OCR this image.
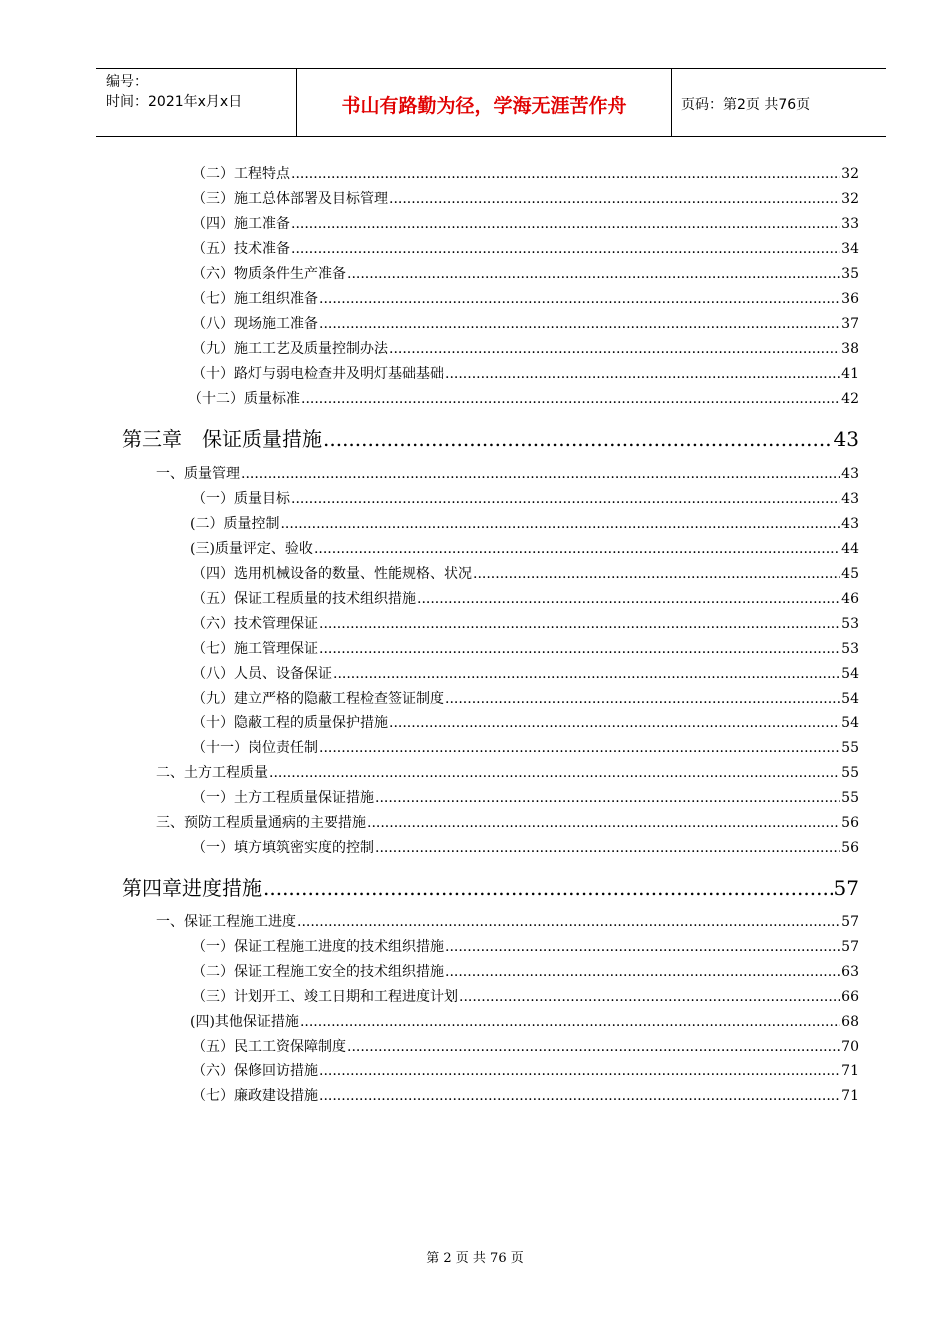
编号：
时间：2021年x月x日	书山有路勤为径，学海无涯苦作舟	页码：第2页 共76页
（二）工程特点 .....	32
（三）施工总体部署及目标管理 .....	32
（四）施工准备 .....	33
（五）技术准备 .....	34
（六）物质条件生产准备 .....	35
（七）施工组织准备 .....	36
（八）现场施工准备 .....	37
（九）施工工艺及质量控制办法 .....	38
（十）路灯与弱电检查井及明灯基础基础 .....	41
（十二）质量标准 .....	42
第三章　保证质量措施 .....	43
一、质量管理 .....	43
（一）质量目标 .....	43
(二）质量控制 .....	43
(三)质量评定、验收 .....	44
（四）选用机械设备的数量、性能规格、状况 .....	45
（五）保证工程质量的技术组织措施 .....	46
（六）技术管理保证 .....	53
（七）施工管理保证 .....	53
（八）人员、设备保证 .....	54
（九）建立严格的隐蔽工程检查签证制度 .....	54
（十）隐蔽工程的质量保护措施 .....	54
（十一）岗位责任制 .....	55
二、土方工程质量 .....	55
（一）土方工程质量保证措施 .....	55
三、预防工程质量通病的主要措施 .....	56
（一）填方填筑密实度的控制 .....	56
第四章进度措施 .....	57
一、保证工程施工进度 .....	57
（一）保证工程施工进度的技术组织措施 .....	57
（二）保证工程施工安全的技术组织措施 .....	63
（三）计划开工、竣工日期和工程进度计划 .....	66
(四)其他保证措施 .....	68
（五）民工工资保障制度 .....	70
（六）保修回访措施 .....	71
（七）廉政建设措施 .....	71
第 2 页 共 76 页
